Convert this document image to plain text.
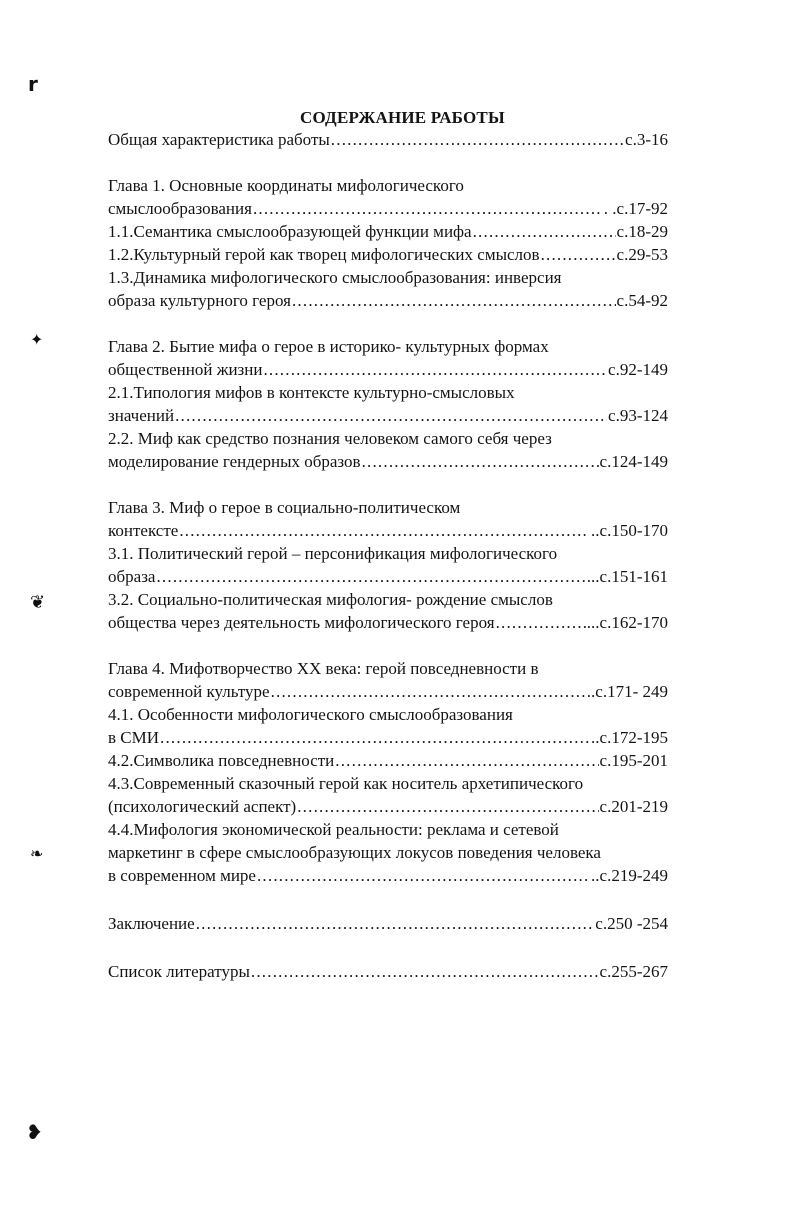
r
✦
❦
❧
❥
СОДЕРЖАНИЕ РАБОТЫ
Общая характеристика работы .....	с.3-16
Глава 1. Основные координаты мифологического
смыслообразования .....	. .с.17-92
1.1.Семантика смыслообразующей функции мифа .....	с.18-29
1.2.Культурный герой как творец мифологических смыслов .....	с.29-53
1.3.Динамика мифологического смыслообразования: инверсия
образа культурного героя .....	с.54-92
Глава 2. Бытие мифа о герое в историко- культурных формах
общественной жизни .....	с.92-149
2.1.Типология мифов в контексте культурно-смысловых
значений .....	с.93-124
2.2. Миф как средство познания человеком самого себя через
моделирование гендерных образов .....	с.124-149
Глава 3. Миф о герое в социально-политическом
контексте .....	. ..с.150-170
3.1. Политический герой – персонификация мифологического
образа .....	...с.151-161
3.2. Социально-политическая мифология- рождение смыслов
общества через деятельность мифологического героя .....	...с.162-170
Глава 4. Мифотворчество XX века: герой повседневности в
современной культуре .....	..с.171- 249
4.1. Особенности мифологического смыслообразования
в СМИ .....	..с.172-195
4.2.Символика повседневности .....	с.195-201
4.3.Современный сказочный герой как носитель архетипического
(психологический аспект) .....	с.201-219
4.4.Мифология экономической реальности: реклама и сетевой
маркетинг в сфере смыслообразующих локусов поведения человека
в современном мире .....	..с.219-249
Заключение .....	с.250 -254
Список литературы .....	с.255-267
